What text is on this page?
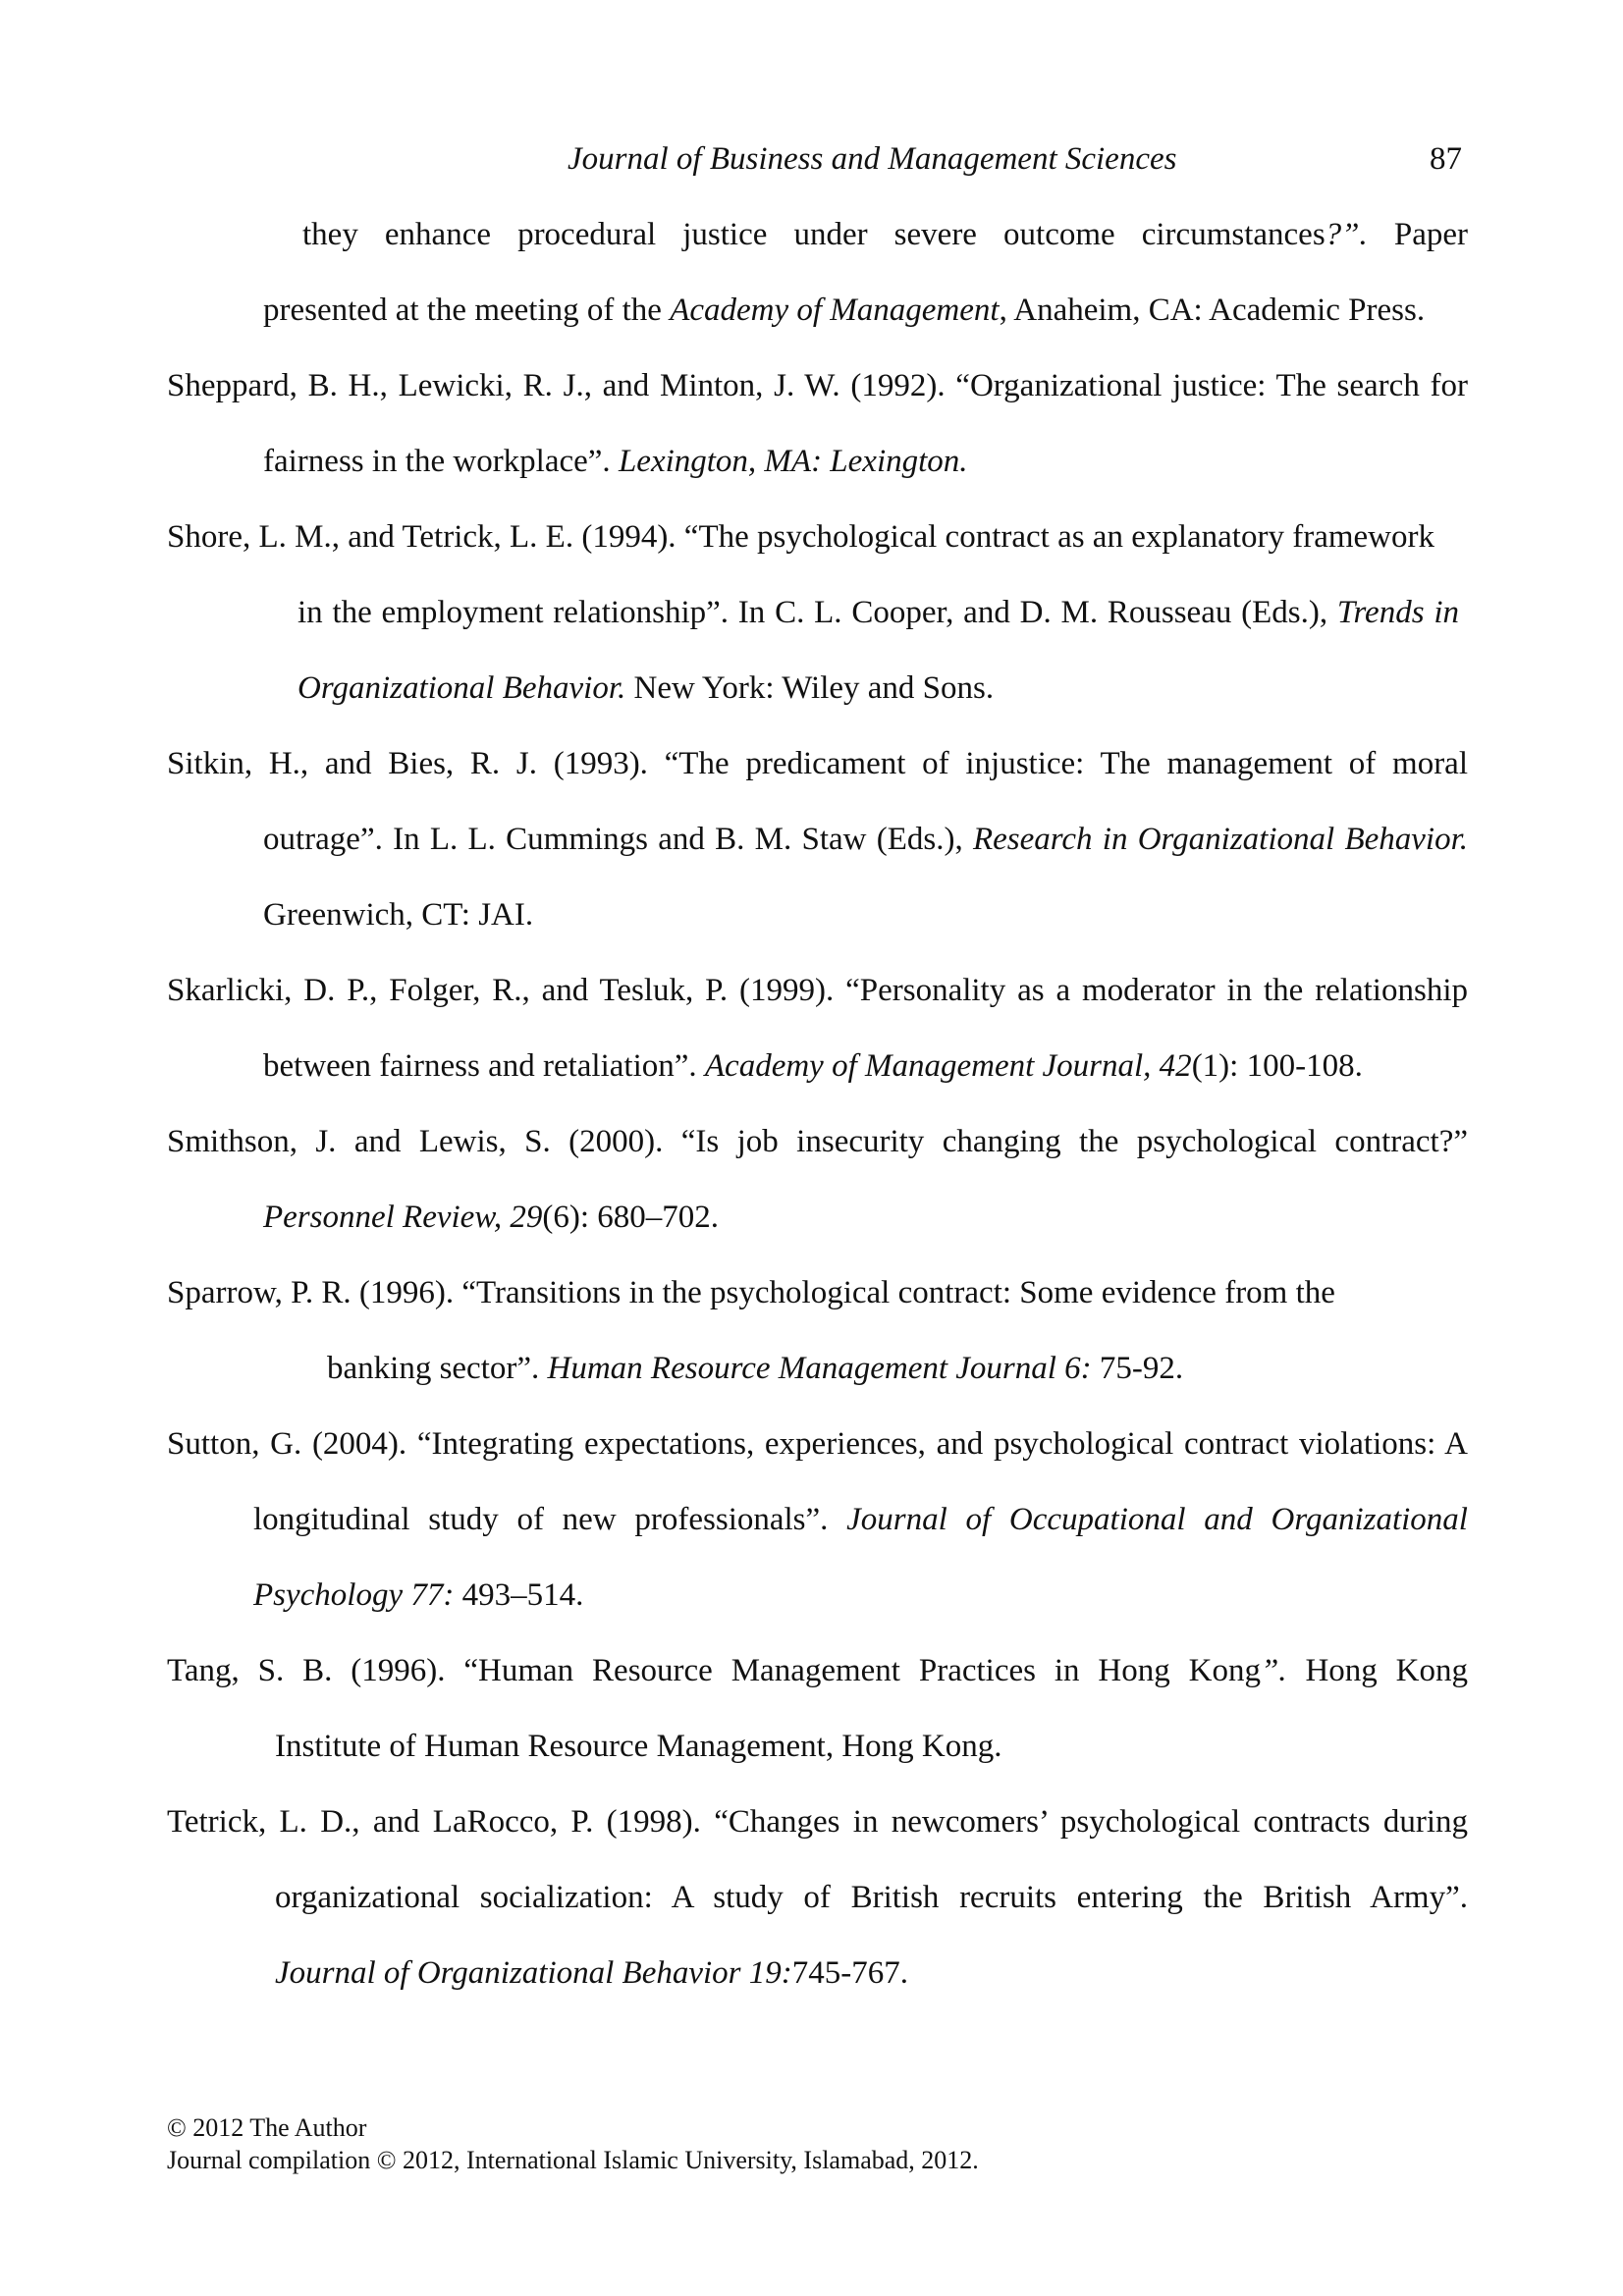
Journal of Business and Management Sciences	87
they enhance procedural justice under severe outcome circumstances?”. Paper
presented at the meeting of the Academy of Management, Anaheim, CA: Academic Press.
Sheppard, B. H., Lewicki, R. J., and Minton, J. W. (1992). “Organizational justice: The search for
fairness in the workplace”. Lexington, MA: Lexington.
Shore, L. M., and Tetrick, L. E. (1994). “The psychological contract as an explanatory framework
in the employment relationship”. In C. L. Cooper, and D. M. Rousseau (Eds.), Trends in
Organizational Behavior. New York: Wiley and Sons.
Sitkin, H., and Bies, R. J. (1993). “The predicament of injustice: The management of moral
outrage”. In L. L. Cummings and B. M. Staw (Eds.), Research in Organizational Behavior.
Greenwich, CT: JAI.
Skarlicki, D. P., Folger, R., and Tesluk, P. (1999). “Personality as a moderator in the relationship
between fairness and retaliation”. Academy of Management Journal, 42(1): 100-108.
Smithson, J. and Lewis, S. (2000). “Is job insecurity changing the psychological contract?”
Personnel Review, 29(6): 680–702.
Sparrow, P. R. (1996). “Transitions in the psychological contract: Some evidence from the
banking sector”. Human Resource Management Journal 6: 75-92.
Sutton, G. (2004). “Integrating expectations, experiences, and psychological contract violations: A
longitudinal study of new professionals”. Journal of Occupational and Organizational
Psychology 77: 493–514.
Tang, S. B. (1996). “Human Resource Management Practices in Hong Kong”. Hong Kong
Institute of Human Resource Management, Hong Kong.
Tetrick, L. D., and LaRocco, P. (1998). “Changes in newcomers’ psychological contracts during
organizational socialization: A study of British recruits entering the British Army”.
Journal of Organizational Behavior 19:745-767.
© 2012 The Author
Journal compilation © 2012, International Islamic University, Islamabad, 2012.
